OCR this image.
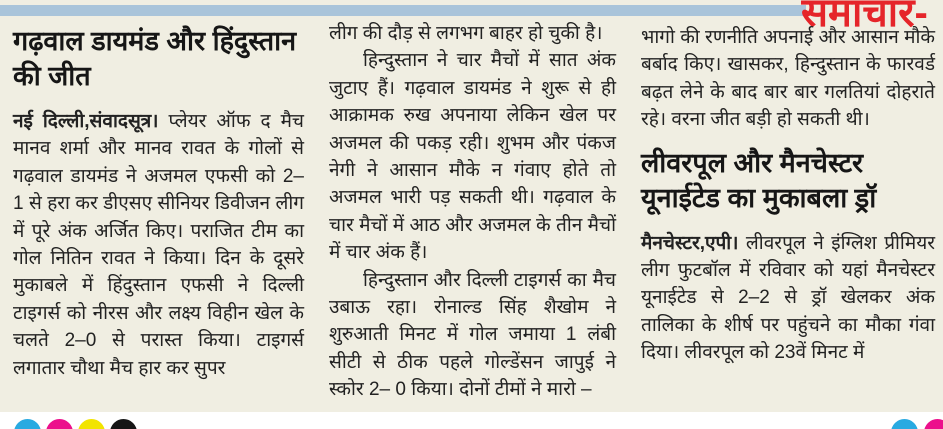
समाचार-
गढ़वाल डायमंड और हिंदुस्तान की जीत

नई दिल्ली,संवादसूत्र। प्लेयर ऑफ द मैच मानव शर्मा और मानव रावत के गोलों से गढ़वाल डायमंड ने अजमल एफसी को 2– 1 से हरा कर डीएसए सीनियर डिवीजन लीग में पूरे अंक अर्जित किए। पराजित टीम का गोल नितिन रावत ने किया। दिन के दूसरे मुकाबले में हिंदुस्तान एफसी ने दिल्ली टाइगर्स को नीरस और लक्ष्य विहीन खेल के चलते 2–0 से परास्त किया। टाइगर्स लगातार चौथा मैच हार कर सुपर

लीग की दौड़ से लगभग बाहर हो चुकी है।

हिन्दुस्तान ने चार मैचों में सात अंक जुटाए हैं। गढ़वाल डायमंड ने शुरू से ही आक्रामक रुख अपनाया लेकिन खेल पर अजमल की पकड़ रही। शुभम और पंकज नेगी ने आसान मौके न गंवाए होते तो अजमल भारी पड़ सकती थी। गढ़वाल के चार मैचों में आठ और अजमल के तीन मैचों में चार अंक हैं।

हिन्दुस्तान और दिल्ली टाइगर्स का मैच उबाऊ रहा। रोनाल्ड सिंह शैखोम ने शुरुआती मिनट में गोल जमाया 1 लंबी सीटी से ठीक पहले गोल्डेंसन जापुई ने स्कोर 2– 0 किया। दोनों टीमों ने मारो –

भागो की रणनीति अपनाई और आसान मौके बर्बाद किए। खासकर, हिन्दुस्तान के फारवर्ड बढ़त लेने के बाद बार बार गलतियां दोहराते रहे। वरना जीत बड़ी हो सकती थी।

लीवरपूल और मैनचेस्टर यूनाईटेड का मुकाबला ड्रॉ

मैनचेस्टर,एपी। लीवरपूल ने इंग्लिश प्रीमियर लीग फुटबॉल में रविवार को यहां मैनचेस्टर यूनाईटेड से 2–2 से ड्रॉ खेलकर अंक तालिका के शीर्ष पर पहुंचने का मौका गंवा दिया। लीवरपूल को 23वें मिनट में
